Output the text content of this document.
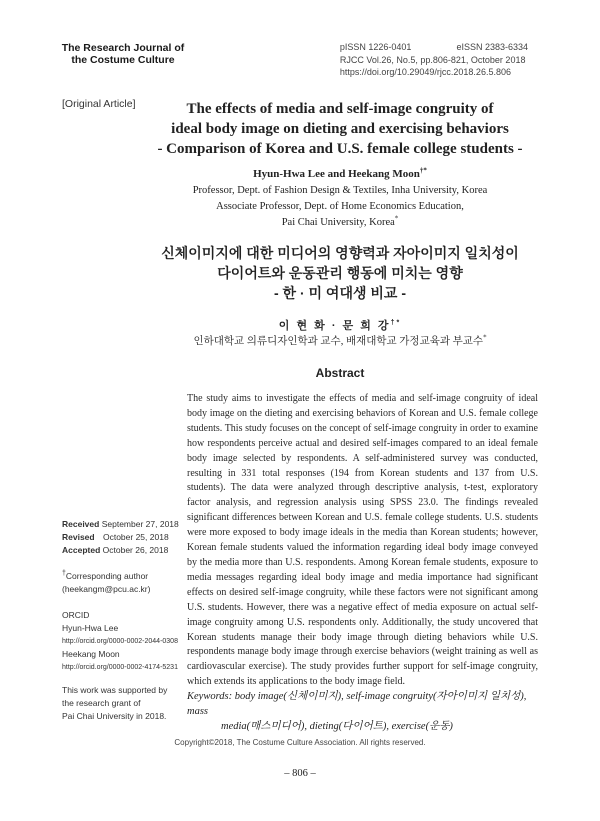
The Research Journal of
the Costume Culture
pISSN 1226-0401	eISSN 2383-6334
RJCC Vol.26, No.5, pp.806-821, October 2018
https://doi.org/10.29049/rjcc.2018.26.5.806
[Original Article]	The effects of media and self-image congruity of
ideal body image on dieting and exercising behaviors
- Comparison of Korea and U.S. female college students -
Hyun-Hwa Lee and Heekang Moon†*
Professor, Dept. of Fashion Design & Textiles, Inha University, Korea
Associate Professor, Dept. of Home Economics Education,
Pai Chai University, Korea*
신체이미지에 대한 미디어의 영향력과 자아이미지 일치성이
다이어트와 운동관리 행동에 미치는 영향
- 한 · 미 여대생 비교 -
이 현 화 · 문 희 강†*
인하대학교 의류디자인학과 교수, 배재대학교 가정교육과 부교수*
Abstract
The study aims to investigate the effects of media and self-image congruity of ideal body image on the dieting and exercising behaviors of Korean and U.S. female college students. This study focuses on the concept of self-image congruity in order to examine how respondents perceive actual and desired self-images compared to an ideal female body image selected by respondents. A self-administered survey was conducted, resulting in 331 total responses (194 from Korean students and 137 from U.S. students). The data were analyzed through descriptive analysis, t-test, exploratory factor analysis, and regression analysis using SPSS 23.0. The findings revealed significant differences between Korean and U.S. female college students. U.S. students were more exposed to body image ideals in the media than Korean students; however, Korean female students valued the information regarding ideal body image conveyed by the media more than U.S. respondents. Among Korean female students, exposure to media messages regarding ideal body image and media importance had significant effects on desired self-image congruity, while these factors were not significant among U.S. students. However, there was a negative effect of media exposure on actual self-image congruity among U.S. respondents only. Additionally, the study uncovered that Korean students manage their body image through dieting behaviors while U.S. respondents manage body image through exercise behaviors (weight training as well as cardiovascular exercise). The study provides further support for self-image congruity, which extends its applications to the body image field.
Keywords: body image(신체이미지), self-image congruity(자아이미지 일치성), mass
media(매스미디어), dieting(다이어트), exercise(운동)
Received September 27, 2018
Revised October 25, 2018
Accepted October 26, 2018
†Corresponding author
(heekangm@pcu.ac.kr)
ORCID
Hyun-Hwa Lee
http://orcid.org/0000-0002-2044-0308
Heekang Moon
http://orcid.org/0000-0002-4174-5231
This work was supported by
the research grant of
Pai Chai University in 2018.
Copyright©2018, The Costume Culture Association. All rights reserved.
– 806 –
